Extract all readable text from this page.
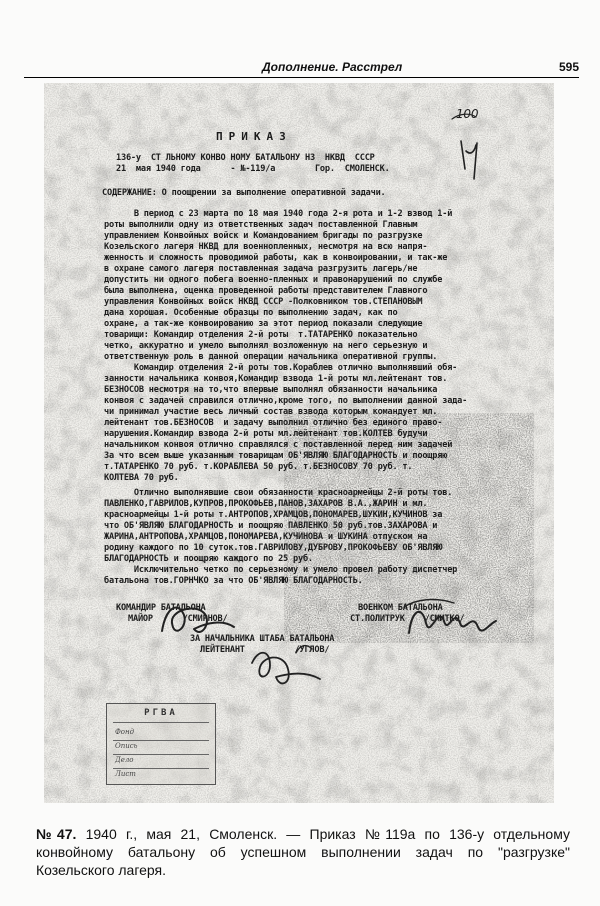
Дополнение. Расстрел	595
100
ПРИКАЗ
136-у  СТ ЛЬНОМУ КОНВО НОМУ БАТАЛЬОНУ НЗ  НКВД  СССР
21  мая 1940 года      - №-119/а        Гор.  СМОЛЕНСК.
СОДЕРЖАНИЕ: О поощрении за выполнение оперативной задачи.
В период с 23 марта по 18 мая 1940 года 2-я рота и 1-2 взвод 1-й
роты выполнили одну из ответственных задач поставленной Главным
управлением Конвойных войск и Командованием бригады по разгрузке
Козельского лагеря НКВД для военнопленных, несмотря на всю напря-
женность и сложность проводимой работы, как в конвоировании, и так-же
в охране самого лагеря поставленная задача разгрузить лагерь/не
допустить ни одного побега военно-пленных и правонарушений по службе
была выполнена, оценка проведенной работы представителем Главного
управления Конвойных войск НКВД СССР -Полковником тов.СТЕПАНОВЫМ
дана хорошая. Особенные образцы по выполнению задач, как по
охране, а так-же конвоированию за этот период показали следующие
товарищи: Командир отделения 2-й роты  т.ТАТАРЕНКО показательно
четко, аккуратно и умело выполнял возложенную на него серьезную и
ответственную роль в данной операции начальника оперативной группы.
Командир отделения 2-й роты тов.Кораблев отлично выполнявший обя-
занности начальника конвоя,Командир взвода 1-й роты мл.лейтенант тов.
БЕЗНОСОВ несмотря на то,что впервые выполнял обязанности начальника
конвоя с задачей справился отлично,кроме того, по выполнении данной зада-
чи принимал участие весь личный состав взвода которым командует мл.
лейтенант тов.БЕЗНОСОВ  и задачу выполнил отлично без единого право-
нарушения.Командир взвода 2-й роты мл.лейтенант тов.КОЛТЕВ будучи
начальником конвоя отлично справлялся с поставленной перед ним задачей
За что всем выше указанным товарищам ОБ'ЯВЛЯЮ БЛАГОДАРНОСТЬ и поощряю
т.ТАТАРЕНКО 70 руб. т.КОРАБЛЕВА 50 руб. т.БЕЗНОСОВУ 70 руб. т.
КОЛТЕВА 70 руб.
Отлично выполнявшие свои обязанности красноармейцы 2-й роты тов.
ПАВЛЕНКО,ГАВРИЛОВ,КУПРОВ,ПРОКОФЬЕВ,ПАНОВ,ЗАХАРОВ В.А.,ЖАРИН и мл.
красноармейцы 1-й роты т.АНТРОПОВ,ХРАМЦОВ,ПОНОМАРЕВ,ШУКИН,КУЧИНОВ за
что ОБ'ЯВЛЯЮ БЛАГОДАРНОСТЬ и поощряю ПАВЛЕНКО 50 руб.тов.ЗАХАРОВА и
ЖАРИНА,АНТРОПОВА,ХРАМЦОВ,ПОНОМАРЕВА,КУЧИНОВА и ШУКИНА отпуском на
родину каждого по 10 суток.тов.ГАВРИЛОВУ,ДУБРОВУ,ПРОКОФЬЕВУ ОБ'ЯВЛЯЮ
БЛАГОДАРНОСТЬ и поощряю каждого по 25 руб.
Исключительно четко по серьезному и умело провел работу диспетчер
батальона тов.ГОРНЧКО за что ОБ'ЯВЛЯЮ БЛАГОДАРНОСТЬ.
КОМАНДИР БАТАЛЬОНА
МАЙОР      /СМИРНОВ/
ВОЕНКОМ БАТАЛЬОНА
СТ.ПОЛИТРУК    /СМИТКО/
ЗА НАЧАЛЬНИКА ШТАБА БАТАЛЬОНА
ЛЕЙТЕНАНТ          /УГЛОВ/
РГВА
Фонд
Опись
Дело
Лист
№47. 1940 г., мая 21, Смоленск. — Приказ №119а по 136-у отдельному конвойному батальону об успешном выполнении задач по "разгрузке" Козельского лагеря.
